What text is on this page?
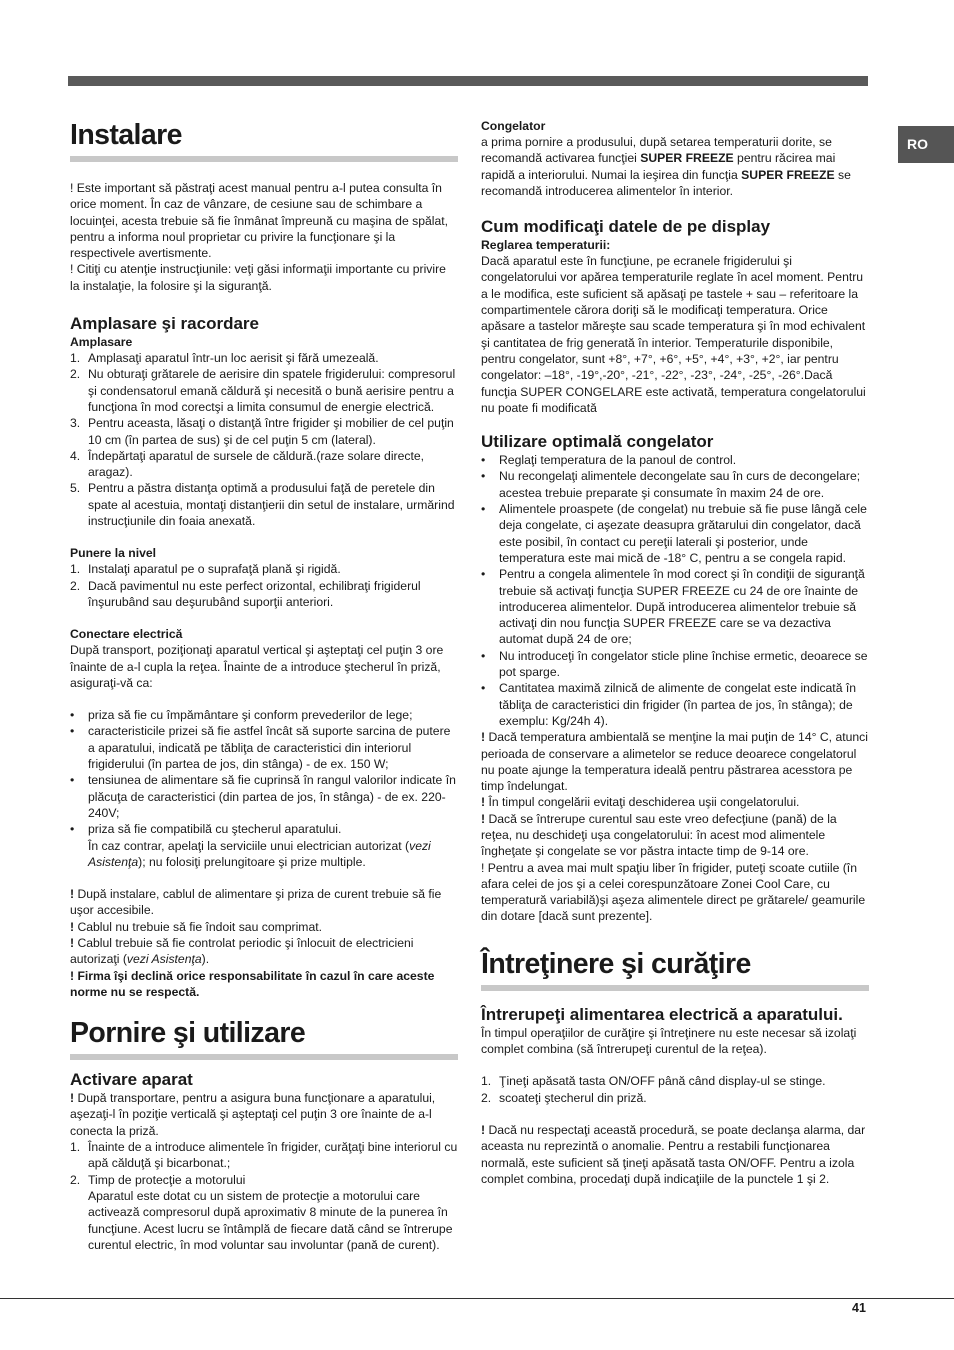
RO
Instalare

! Este important să păstraţi acest manual pentru a-l putea consulta în orice moment. În caz de vânzare, de cesiune sau de schimbare a locuinţei, acesta trebuie să fie înmânat împreună cu maşina de spălat, pentru a informa noul proprietar cu privire la funcţionare şi la respectivele avertismente.

! Citiţi cu atenţie instrucţiunile: veţi găsi informaţii importante cu privire la instalaţie, la folosire şi la siguranţă.

Amplasare şi racordare
Amplasare
1. Amplasaţi aparatul într-un loc aerisit şi fără umezeală.
2. Nu obturaţi grătarele de aerisire din spatele frigiderului: compresorul şi condensatorul emană căldură şi necesită o bună aerisire pentru a funcţiona în mod corectşi a limita consumul de energie electrică.
3. Pentru aceasta, lăsaţi o distanţă între frigider şi mobilier de cel puţin 10 cm (în partea de sus) şi de cel puţin 5 cm (lateral).
4. Îndepărtaţi aparatul de sursele de căldură.(raze solare directe, aragaz).
5. Pentru a păstra distanţa optimă a produsului faţă de peretele din spate al acestuia, montaţi distanţierii din setul de instalare, urmărind instrucţiunile din foaia anexată.
Punere la nivel
1. Instalaţi aparatul pe o suprafaţă plană şi rigidă.
2. Dacă pavimentul nu este perfect orizontal, echilibraţi frigiderul înşurubând sau deşurubând suporţii anteriori.
Conectare electrică

După transport, poziţionaţi aparatul vertical şi aşteptaţi cel puţin 3 ore înainte de a-l cupla la reţea. Înainte de a introduce ştecherul în priză, asiguraţi-vă ca:

• priza să fie cu împământare şi conform prevederilor de lege;
• caracteristicile prizei să fie astfel încât să suporte sarcina de putere a aparatului, indicată pe tăbliţa de caracteristici din interiorul frigiderului (în partea de jos, din stânga) - de ex. 150 W;
• tensiunea de alimentare să fie cuprinsă în rangul valorilor indicate în plăcuţa de caracteristici (din partea de jos, în stânga) - de ex. 220-240V;
• priza să fie compatibilă cu ştecherul aparatului.
În caz contrar, apelaţi la serviciile unui electrician autorizat (vezi Asistenţa); nu folosiţi prelungitoare şi prize multiple.

! După instalare, cablul de alimentare şi priza de curent trebuie să fie uşor accesibile.

! Cablul nu trebuie să fie îndoit sau comprimat.

! Cablul trebuie să fie controlat periodic şi înlocuit de electricieni autorizaţi (vezi Asistenţa).

! Firma îşi declină orice responsabilitate în cazul în care aceste norme nu se respectă.

Pornire şi utilizare
Activare aparat

! După transportare, pentru a asigura buna funcţionare a aparatului, aşezaţi-l în poziţie verticală şi aşteptaţi cel puţin 3 ore înainte de a-l conecta la priză.

1. Înainte de a introduce alimentele în frigider, curăţaţi bine interiorul cu apă călduţă şi bicarbonat.;
2. Timp de protecţie a motorului
Aparatul este dotat cu un sistem de protecţie a motorului care activează compresorul după aproximativ 8 minute de la punerea în funcţiune. Acest lucru se întâmplă de fiecare dată când se întrerupe curentul electric, în mod voluntar sau involuntar (pană de curent).
Congelator

a prima pornire a produsului, după setarea temperaturii dorite, se recomandă activarea funcţiei SUPER FREEZE pentru răcirea mai rapidă a interiorului. Numai la ieşirea din funcţia SUPER FREEZE se recomandă introducerea alimentelor în interior.

Cum modificaţi datele de pe display
Reglarea temperaturii:

Dacă aparatul este în funcţiune, pe ecranele frigiderului şi congelatorului vor apărea temperaturile reglate în acel moment. Pentru a le modifica, este suficient să apăsaţi pe tastele + sau – referitoare la compartimentele cărora doriţi să le modificaţi temperatura. Orice apăsare a tastelor măreşte sau scade temperatura şi în mod echivalent şi cantitatea de frig generată în interior. Temperaturile disponibile, pentru congelator, sunt +8°, +7°, +6°, +5°, +4°, +3°, +2°, iar pentru congelator: –18°, -19°,-20°, -21°, -22°, -23°, -24°, -25°, -26°.Dacă funcţia SUPER CONGELARE este activată, temperatura congelatorului nu poate fi modificată

Utilizare optimală congelator
• Reglaţi temperatura de la panoul de control.
• Nu recongelaţi alimentele decongelate sau în curs de decongelare; acestea trebuie preparate şi consumate în maxim 24 de ore.
• Alimentele proaspete (de congelat) nu trebuie să fie puse lângă cele deja congelate, ci aşezate deasupra grătarului din congelator, dacă este posibil, în contact cu pereţii laterali şi posterior, unde temperatura este mai mică de -18° C, pentru a se congela rapid.
• Pentru a congela alimentele în mod corect şi în condiţii de siguranţă trebuie să activaţi funcţia SUPER FREEZE cu 24 de ore înainte de introducerea alimentelor. După introducerea alimentelor trebuie să activaţi din nou funcţia SUPER FREEZE care se va dezactiva automat după 24 de ore;
• Nu introduceţi în congelator sticle pline închise ermetic, deoarece se pot sparge.
• Cantitatea maximă zilnică de alimente de congelat este indicată în tăbliţa de caracteristici din frigider (în partea de jos, în stânga); de exemplu: Kg/24h 4).

! Dacă temperatura ambientală se menţine la mai puţin de 14° C, atunci perioada de conservare a alimetelor se reduce deoarece congelatorul nu poate ajunge la temperatura ideală pentru păstrarea acesstora pe timp îndelungat.

! În timpul congelării evitaţi deschiderea uşii congelatorului.

! Dacă se întrerupe curentul sau este vreo defecţiune (pană) de la reţea, nu deschideţi uşa congelatorului: în acest mod alimentele îngheţate şi congelate se vor păstra intacte timp de 9-14 ore.

! Pentru a avea mai mult spaţiu liber în frigider, puteţi scoate cutiile (în afara celei de jos şi a celei corespunzătoare Zonei Cool Care, cu temperatură variabilă)şi aşeza alimentele direct pe grătarele/ geamurile din dotare [dacă sunt prezente].

Întreţinere şi curăţire
Întrerupeţi alimentarea electrică a aparatului.

În timpul operaţiilor de curăţire şi întreţinere nu este necesar să izolaţi complet combina (să întrerupeţi curentul de la reţea).

1. Ţineţi apăsată tasta ON/OFF până când display-ul se stinge.
2. scoateţi ştecherul din priză.

! Dacă nu respectaţi această procedură, se poate declanşa alarma, dar aceasta nu reprezintă o anomalie. Pentru a restabili funcţionarea normală, este suficient să ţineţi apăsată tasta ON/OFF. Pentru a izola complet combina, procedaţi după indicaţiile de la punctele 1 şi 2.

41
